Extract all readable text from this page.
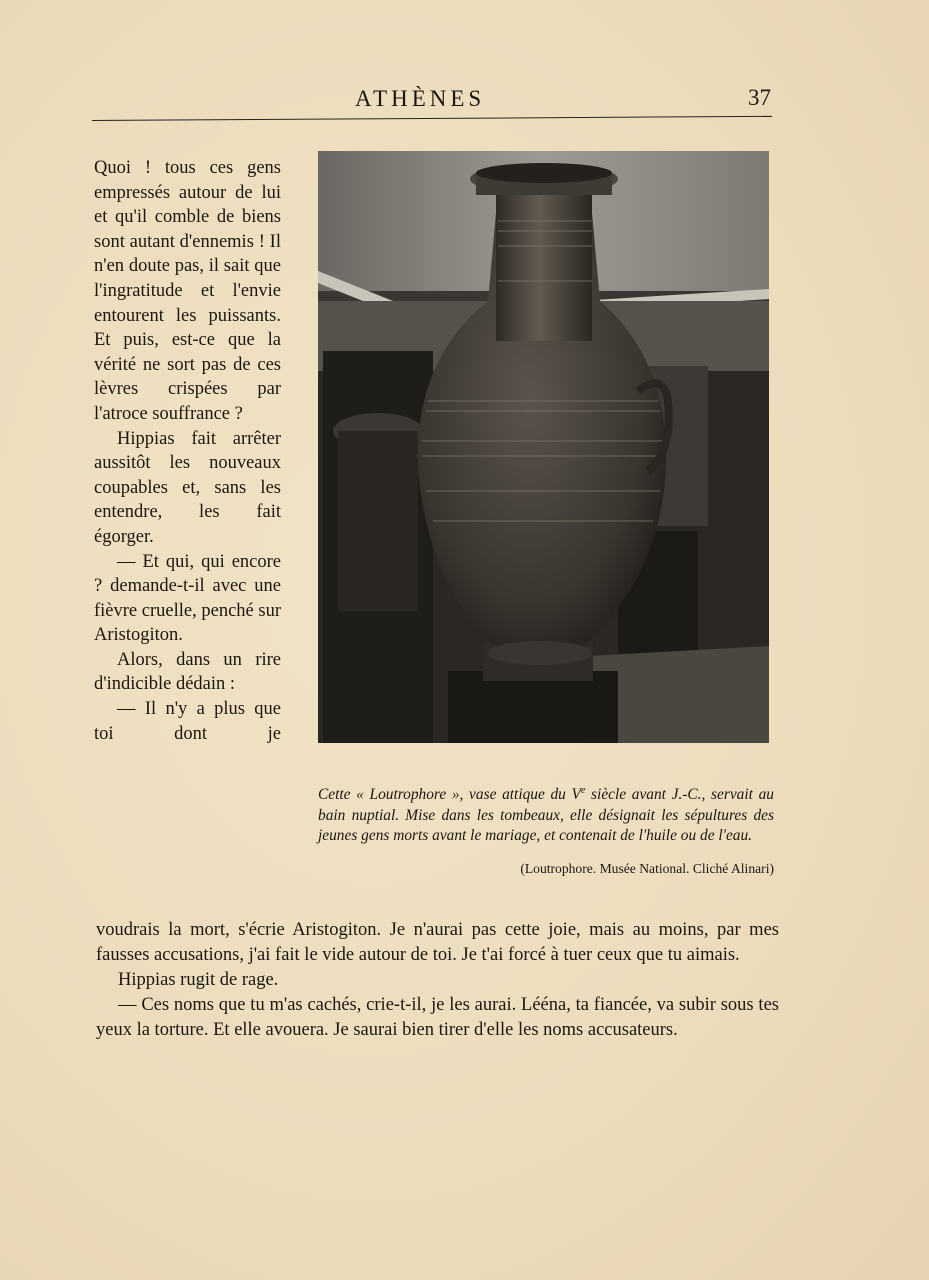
ATHÈNES	37

Quoi ! tous ces gens empressés autour de lui et qu'il comble de biens sont autant d'ennemis ! Il n'en doute pas, il sait que l'ingratitude et l'envie entourent les puissants. Et puis, est-ce que la vérité ne sort pas de ces lèvres crispées par l'atroce souffrance ?

Hippias fait arrêter aussitôt les nouveaux coupables et, sans les entendre, les fait égorger.

— Et qui, qui encore ? demande-t-il avec une fièvre cruelle, penché sur Aristogiton.

Alors, dans un rire d'indicible dédain :

— Il n'y a plus que toi dont je

Cette « Loutrophore », vase attique du Ve siècle avant J.-C., servait au bain nuptial. Mise dans les tombeaux, elle désignait les sépultures des jeunes gens morts avant le mariage, et contenait de l'huile ou de l'eau.
(Loutrophore. Musée National. Cliché Alinari)

voudrais la mort, s'écrie Aristogiton. Je n'aurai pas cette joie, mais au moins, par mes fausses accusations, j'ai fait le vide autour de toi. Je t'ai forcé à tuer ceux que tu aimais.

Hippias rugit de rage.

— Ces noms que tu m'as cachés, crie-t-il, je les aurai. Lééna, ta fiancée, va subir sous tes yeux la torture. Et elle avouera. Je saurai bien tirer d'elle les noms accusateurs.
